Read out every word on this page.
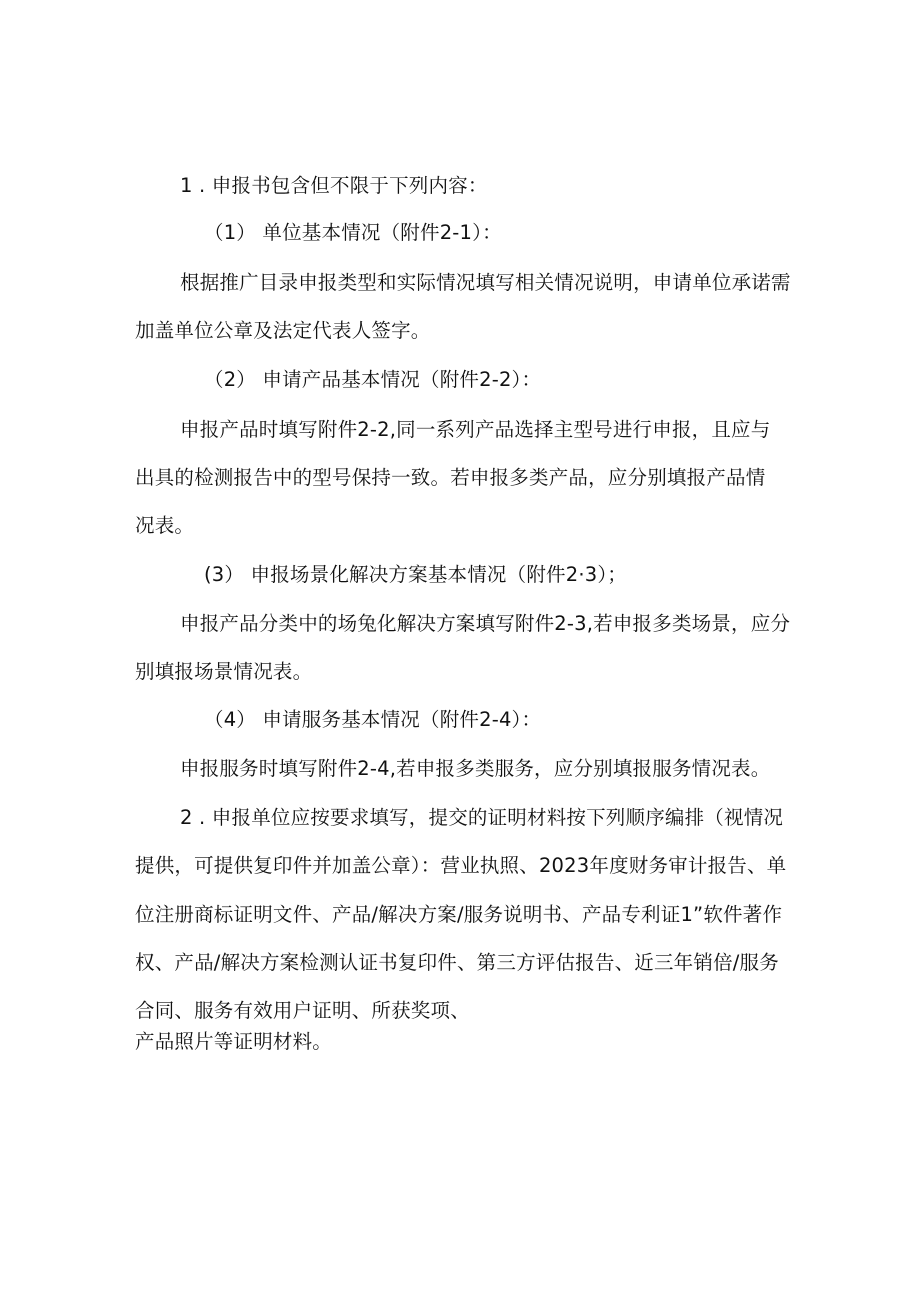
1 . 申报书包含但不限于下列内容：
（1） 单位基本情况（附件2-1）：
根据推广目录申报类型和实际情况填写相关情况说明，申请单位承诺需
加盖单位公章及法定代表人签字。
（2） 申请产品基本情况（附件2-2）：
申报产品时填写附件2-2,同一系列产品选择主型号进行申报，且应与
出具的检测报告中的型号保持一致。若申报多类产品，应分别填报产品情
况表。
(3） 申报场景化解决方案基本情况（附件2·3）；
申报产品分类中的场兔化解决方案填写附件2-3,若申报多类场景，应分
别填报场景情况表。
（4） 申请服务基本情况（附件2-4）：
申报服务时填写附件2-4,若申报多类服务，应分别填报服务情况表。
2 . 申报单位应按要求填写，提交的证明材料按下列顺序编排（视情况
提供，可提供复印件并加盖公章）：营业执照、2023年度财务审计报告、单
位注册商标证明文件、产品/解决方案/服务说明书、产品专利证1”软件著作
权、产品/解决方案检测认证书复印件、第三方评估报告、近三年销倍/服务
合同、服务有效用户证明、所获奖项、
产品照片等证明材料。
